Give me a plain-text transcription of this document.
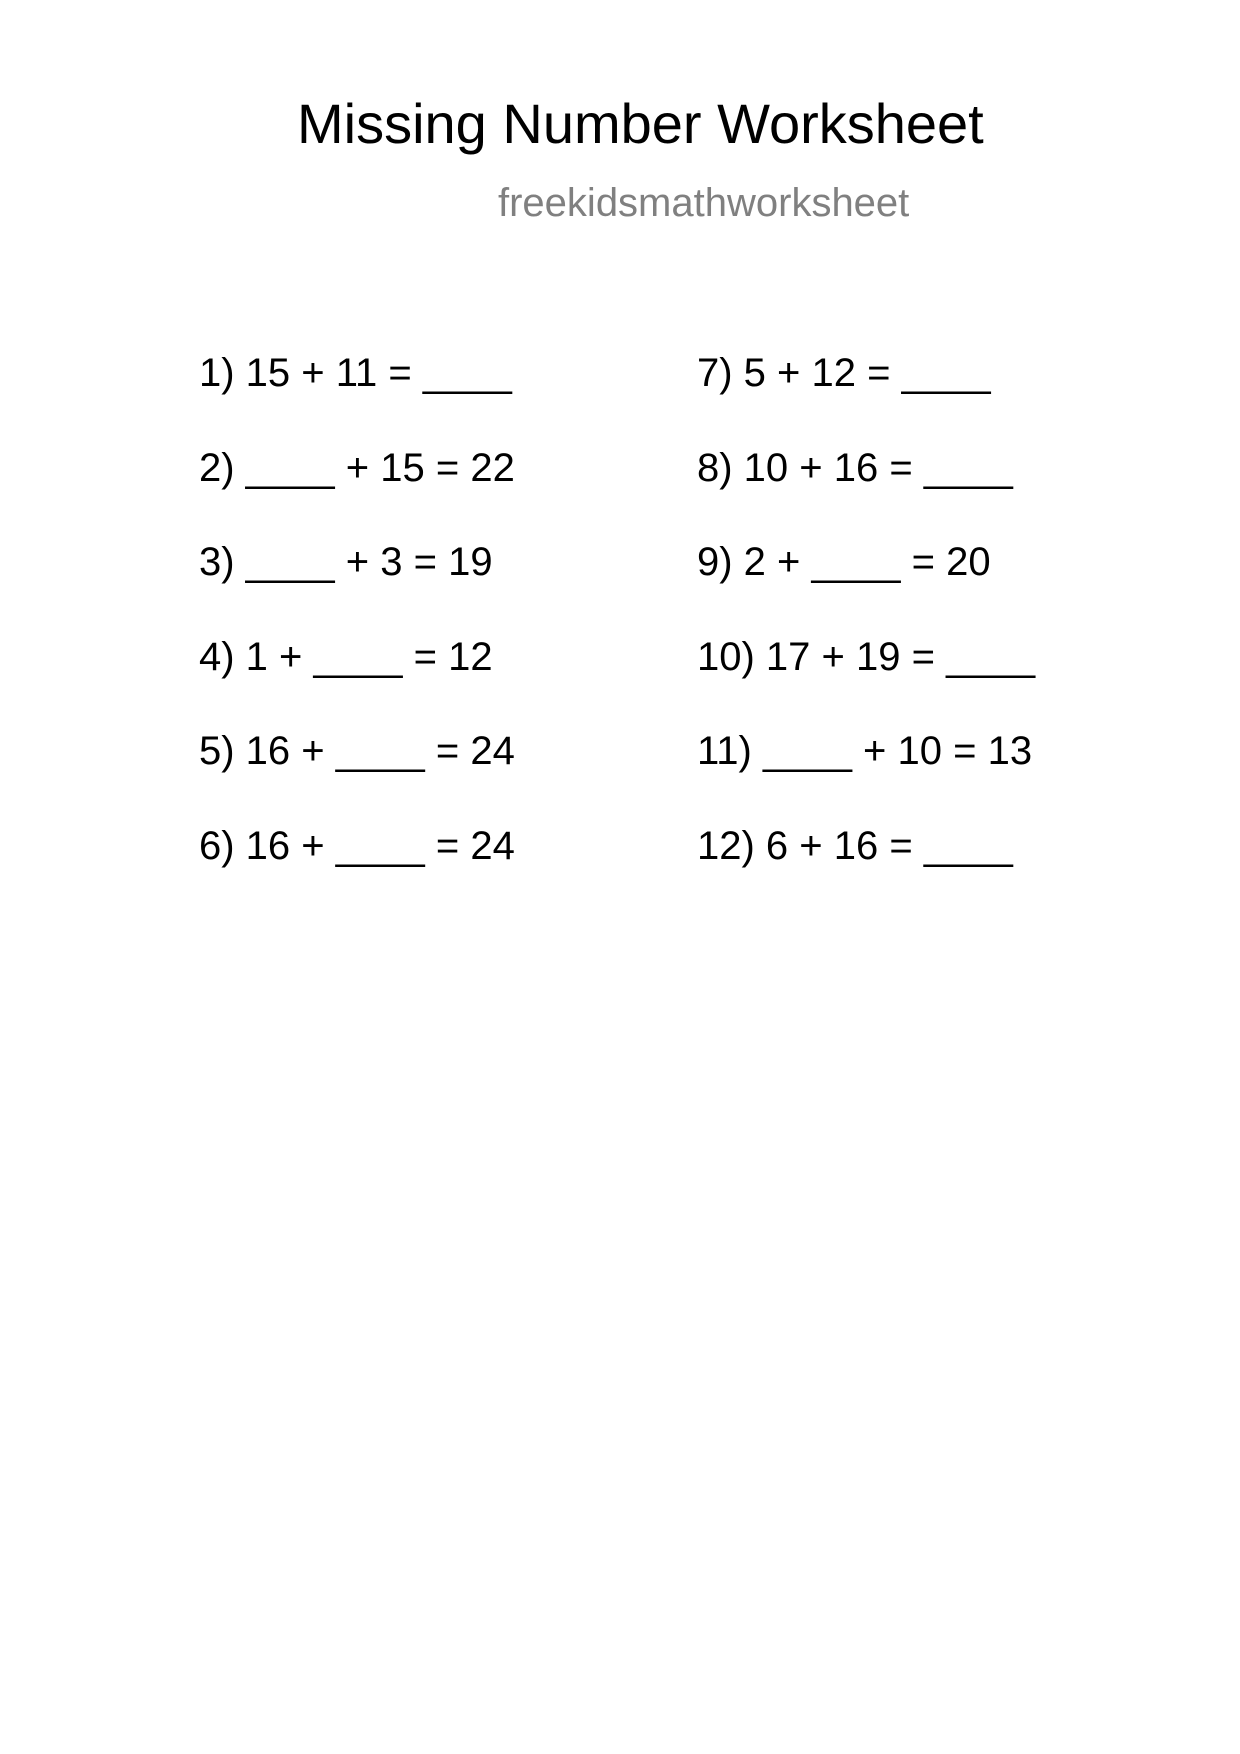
Missing Number Worksheet
freekidsmathworksheet
1) 15 + 11 = ____
2) ____ + 15 = 22
3) ____ + 3 = 19
4) 1 + ____ = 12
5) 16 + ____ = 24
6) 16 + ____ = 24
7) 5 + 12 = ____
8) 10 + 16 = ____
9) 2 + ____ = 20
10) 17 + 19 = ____
11) ____ + 10 = 13
12) 6 + 16 = ____
